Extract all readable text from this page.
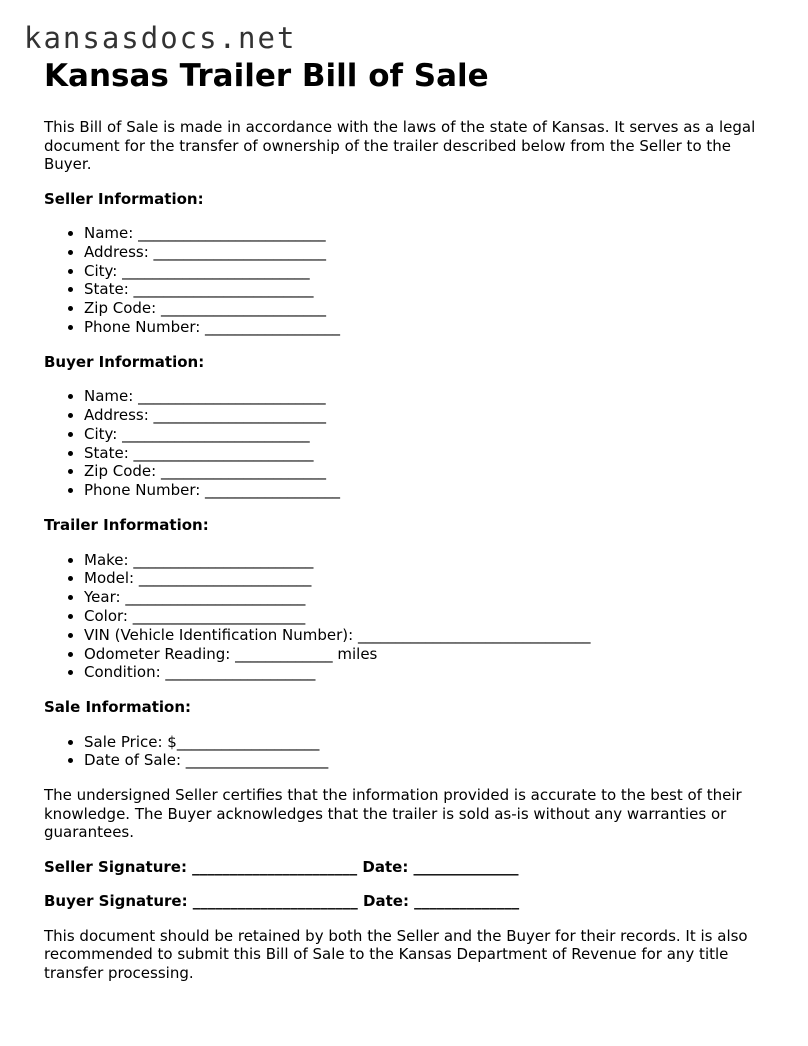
kansasdocs.net
Kansas Trailer Bill of Sale

This Bill of Sale is made in accordance with the laws of the state of Kansas. It serves as a legal document for the transfer of ownership of the trailer described below from the Seller to the Buyer.

Seller Information:
• Name: _________________________
• Address: _______________________
• City: _________________________
• State: ________________________
• Zip Code: ______________________
• Phone Number: __________________
Buyer Information:
• Name: _________________________
• Address: _______________________
• City: _________________________
• State: ________________________
• Zip Code: ______________________
• Phone Number: __________________
Trailer Information:
• Make: ________________________
• Model: _______________________
• Year: ________________________
• Color: _______________________
• VIN (Vehicle Identification Number): _______________________________
• Odometer Reading: _____________ miles
• Condition: ____________________
Sale Information:
• Sale Price: $___________________
• Date of Sale: ___________________

The undersigned Seller certifies that the information provided is accurate to the best of their knowledge. The Buyer acknowledges that the trailer is sold as-is without any warranties or guarantees.

Seller Signature: ______________________ Date: ______________
Buyer Signature: ______________________ Date: ______________

This document should be retained by both the Seller and the Buyer for their records. It is also recommended to submit this Bill of Sale to the Kansas Department of Revenue for any title transfer processing.
